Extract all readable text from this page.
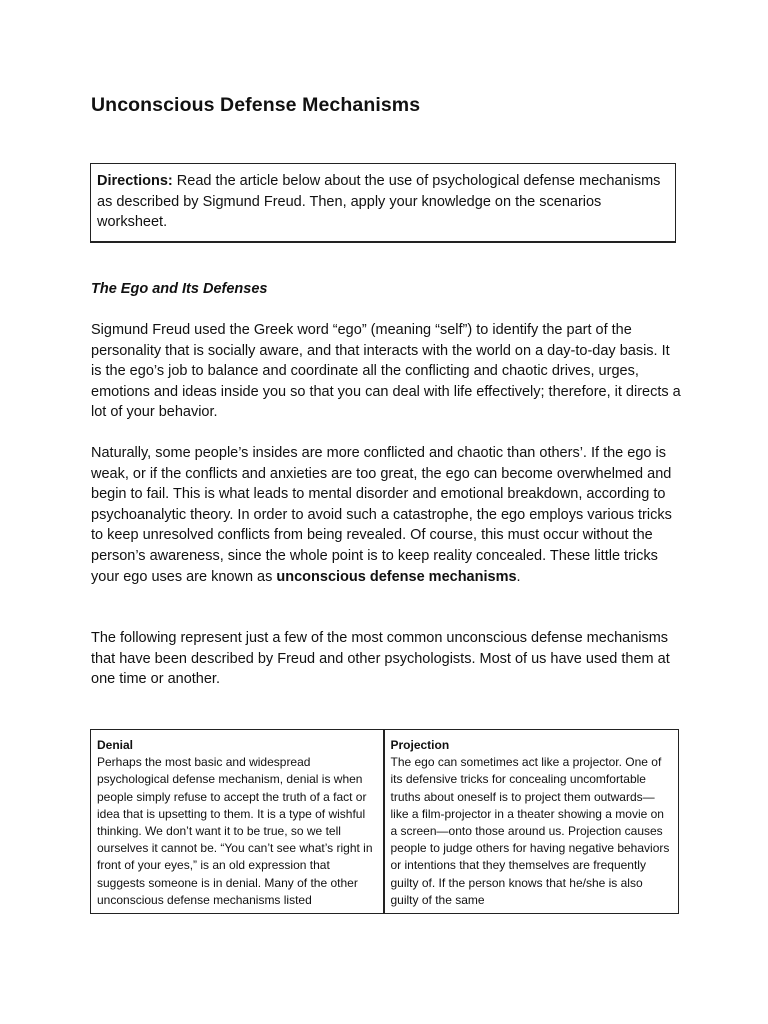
Unconscious Defense Mechanisms
Directions: Read the article below about the use of psychological defense mechanisms as described by Sigmund Freud. Then, apply your knowledge on the scenarios worksheet.
The Ego and Its Defenses

Sigmund Freud used the Greek word “ego” (meaning “self”) to identify the part of the personality that is socially aware, and that interacts with the world on a day-to-day basis. It is the ego’s job to balance and coordinate all the conflicting and chaotic drives, urges, emotions and ideas inside you so that you can deal with life effectively; therefore, it directs a lot of your behavior.

Naturally, some people’s insides are more conflicted and chaotic than others’. If the ego is weak, or if the conflicts and anxieties are too great, the ego can become overwhelmed and begin to fail. This is what leads to mental disorder and emotional breakdown, according to psychoanalytic theory. In order to avoid such a catastrophe, the ego employs various tricks to keep unresolved conflicts from being revealed. Of course, this must occur without the person’s awareness, since the whole point is to keep reality concealed. These little tricks your ego uses are known as unconscious defense mechanisms.

The following represent just a few of the most common unconscious defense mechanisms that have been described by Freud and other psychologists. Most of us have used them at one time or another.

Denial
Perhaps the most basic and widespread psychological defense mechanism, denial is when people simply refuse to accept the truth of a fact or idea that is upsetting to them. It is a type of wishful thinking. We don’t want it to be true, so we tell ourselves it cannot be. “You can’t see what’s right in front of your eyes,” is an old expression that suggests someone is in denial. Many of the other unconscious defense mechanisms listed
Projection
The ego can sometimes act like a projector. One of its defensive tricks for concealing uncomfortable truths about oneself is to project them outwards—like a film-projector in a theater showing a movie on a screen—onto those around us. Projection causes people to judge others for having negative behaviors or intentions that they themselves are frequently guilty of. If the person knows that he/she is also guilty of the same
